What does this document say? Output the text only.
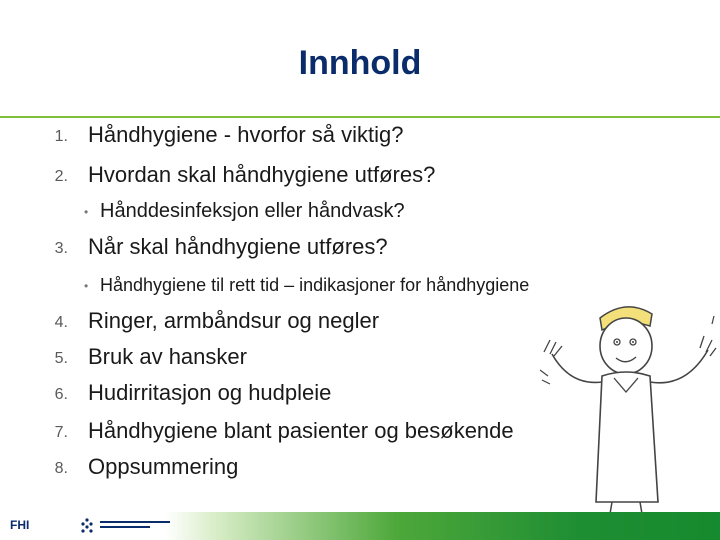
Innhold
1. Håndhygiene - hvorfor så viktig?
2. Hvordan skal håndhygiene utføres?
• Hånddesinfeksjon eller håndvask?
3. Når skal håndhygiene utføres?
• Håndhygiene til rett tid – indikasjoner for håndhygiene
4. Ringer, armbåndsur og negler
5. Bruk av hansker
6. Hudirritasjon og hudpleie
7. Håndhygiene blant pasienter og besøkende
8. Oppsummering
FHI
